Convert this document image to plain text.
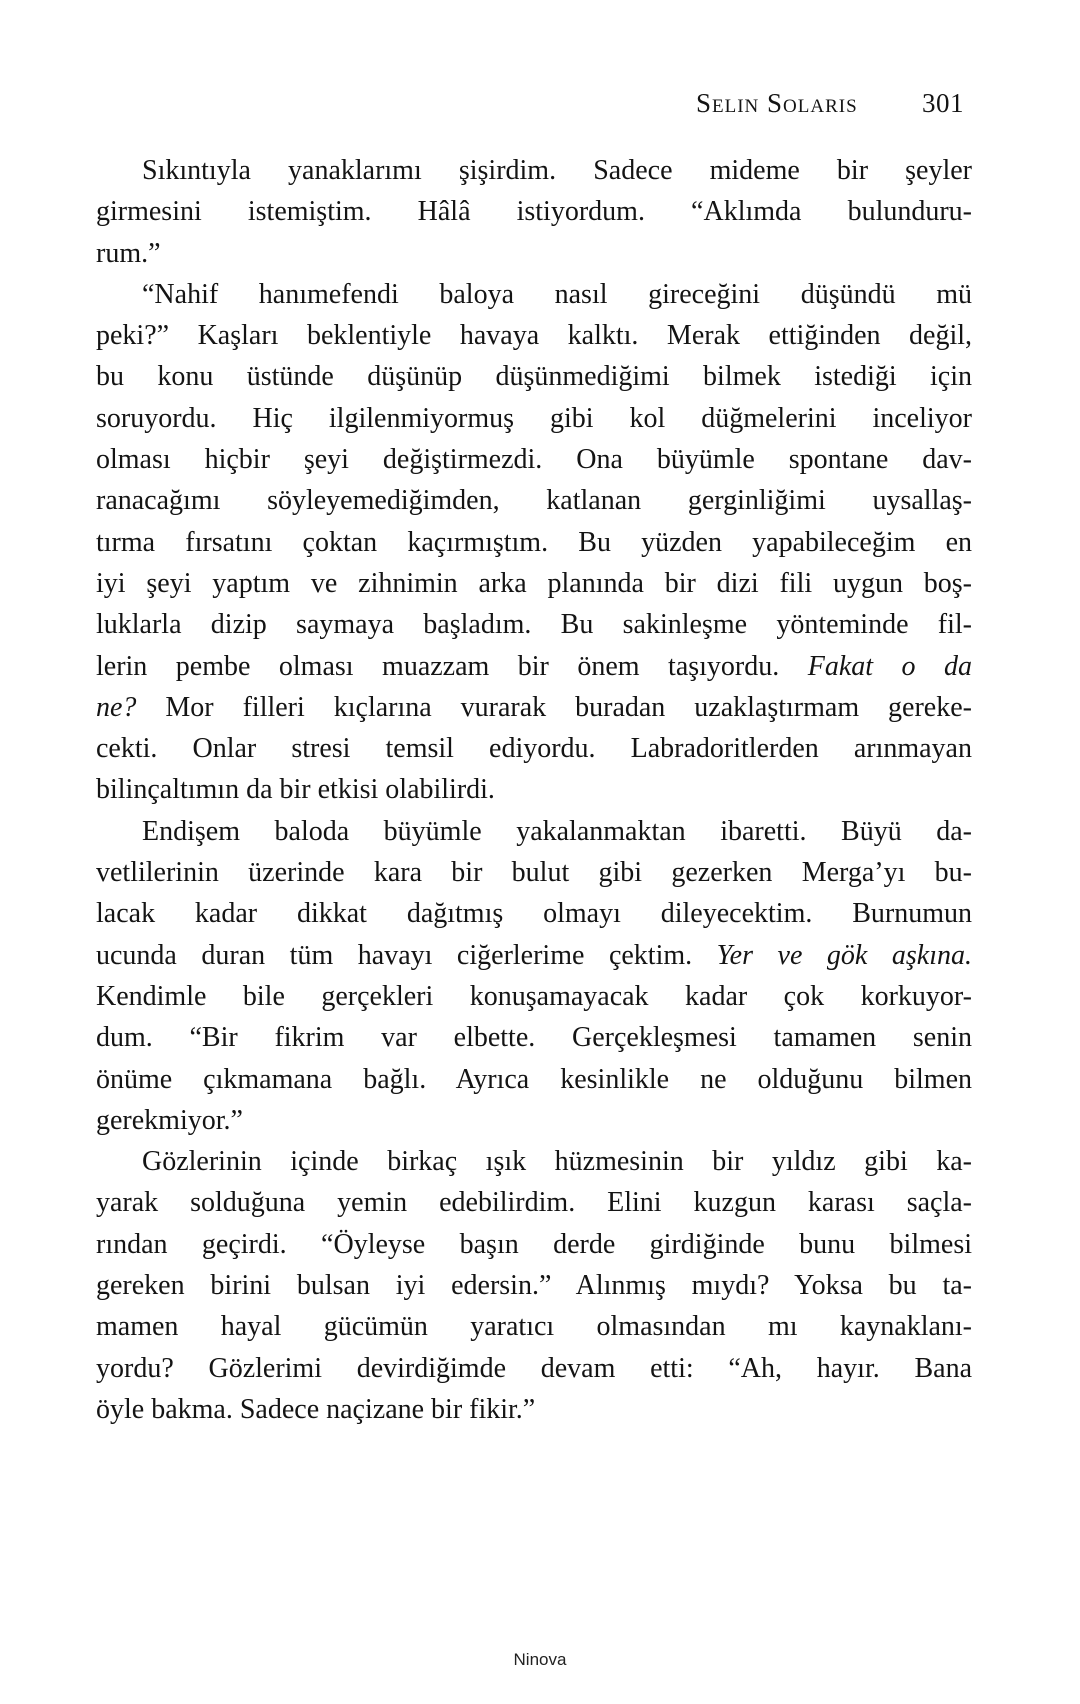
Selin Solaris 301
Sıkıntıyla yanaklarımı şişirdim. Sadece mideme bir şeyler
girmesini istemiştim. Hâlâ istiyordum. “Aklımda bulunduru-
rum.”
“Nahif hanımefendi baloya nasıl gireceğini düşündü mü
peki?” Kaşları beklentiyle havaya kalktı. Merak ettiğinden değil,
bu konu üstünde düşünüp düşünmediğimi bilmek istediği için
soruyordu. Hiç ilgilenmiyormuş gibi kol düğmelerini inceliyor
olması hiçbir şeyi değiştirmezdi. Ona büyümle spontane dav-
ranacağımı söyleyemediğimden, katlanan gerginliğimi uysallaş-
tırma fırsatını çoktan kaçırmıştım. Bu yüzden yapabileceğim en
iyi şeyi yaptım ve zihnimin arka planında bir dizi fili uygun boş-
luklarla dizip saymaya başladım. Bu sakinleşme yönteminde fil-
lerin pembe olması muazzam bir önem taşıyordu. Fakat o da
ne? Mor filleri kıçlarına vurarak buradan uzaklaştırmam gereke-
cekti. Onlar stresi temsil ediyordu. Labradoritlerden arınmayan
bilinçaltımın da bir etkisi olabilirdi.
Endişem baloda büyümle yakalanmaktan ibaretti. Büyü da-
vetlilerinin üzerinde kara bir bulut gibi gezerken Merga’yı bu-
lacak kadar dikkat dağıtmış olmayı dileyecektim. Burnumun
ucunda duran tüm havayı ciğerlerime çektim. Yer ve gök aşkına.
Kendimle bile gerçekleri konuşamayacak kadar çok korkuyor-
dum. “Bir fikrim var elbette. Gerçekleşmesi tamamen senin
önüme çıkmamana bağlı. Ayrıca kesinlikle ne olduğunu bilmen
gerekmiyor.”
Gözlerinin içinde birkaç ışık hüzmesinin bir yıldız gibi ka-
yarak solduğuna yemin edebilirdim. Elini kuzgun karası saçla-
rından geçirdi. “Öyleyse başın derde girdiğinde bunu bilmesi
gereken birini bulsan iyi edersin.” Alınmış mıydı? Yoksa bu ta-
mamen hayal gücümün yaratıcı olmasından mı kaynaklanı-
yordu? Gözlerimi devirdiğimde devam etti: “Ah, hayır. Bana
öyle bakma. Sadece naçizane bir fikir.”
Ninova
